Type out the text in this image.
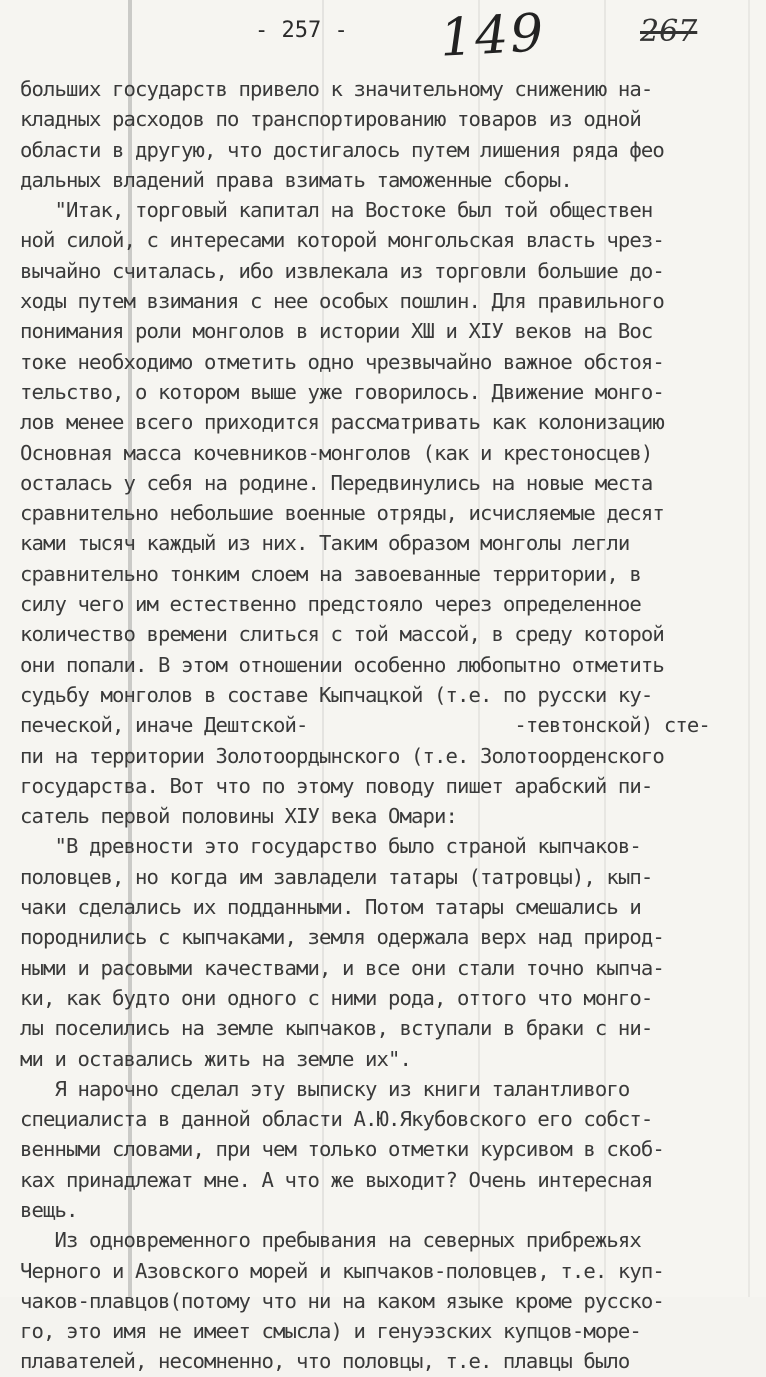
- 257 - 149	267
больших государств привело к значительному снижению на-
кладных расходов по транспортированию товаров из одной
области в другую, что достигалось путем лишения ряда фео
дальных владений права взимать таможенные сборы.
"Итак, торговый капитал на Востоке был той обществен
ной силой, с интересами которой монгольская власть чрез-
вычайно считалась, ибо извлекала из торговли большие до-
ходы путем взимания с нее особых пошлин. Для правильного
понимания роли монголов в истории ХШ и ХIУ веков на Вос
токе необходимо отметить одно чрезвычайно важное обстоя-
тельство, о котором выше уже говорилось. Движение монго-
лов менее всего приходится рассматривать как колонизацию
Основная масса кочевников-монголов (как и крестоносцев)
осталась у себя на родине. Передвинулись на новые места
сравнительно небольшие военные отряды, исчисляемые десят
ками тысяч каждый из них. Таким образом монголы легли
сравнительно тонким слоем на завоеванные территории, в
силу чего им естественно предстояло через определенное
количество времени слиться с той массой, в среду которой
они попали. В этом отношении особенно любопытно отметить
судьбу монголов в составе Кыпчацкой (т.е. по русски ку-
печеской, иначе Дештской-                  -тевтонской) сте-
пи на территории Золотоордынского (т.е. Золотоорденского
государства. Вот что по этому поводу пишет арабский пи-
сатель первой половины ХIУ века Омари:
"В древности это государство было страной кыпчаков-
половцев, но когда им завладели татары (татровцы), кып-
чаки сделались их подданными. Потом татары смешались и
породнились с кыпчаками, земля одержала верх над природ-
ными и расовыми качествами, и все они стали точно кыпча-
ки, как будто они одного с ними рода, оттого что монго-
лы поселились на земле кыпчаков, вступали в браки с ни-
ми и оставались жить на земле их".
Я нарочно сделал эту выписку из книги талантливого
специалиста в данной области А.Ю.Якубовского его собст-
венными словами, при чем только отметки курсивом в скоб-
ках принадлежат мне. А что же выходит? Очень интересная
вещь.
Из одновременного пребывания на северных прибрежьях
Черного и Азовского морей и кыпчаков-половцев, т.е. куп-
чаков-плавцов(потому что ни на каком языке кроме русско-
го, это имя не имеет смысла) и генуэзских купцов-море-
плавателей, несомненно, что половцы, т.е. плавцы было
